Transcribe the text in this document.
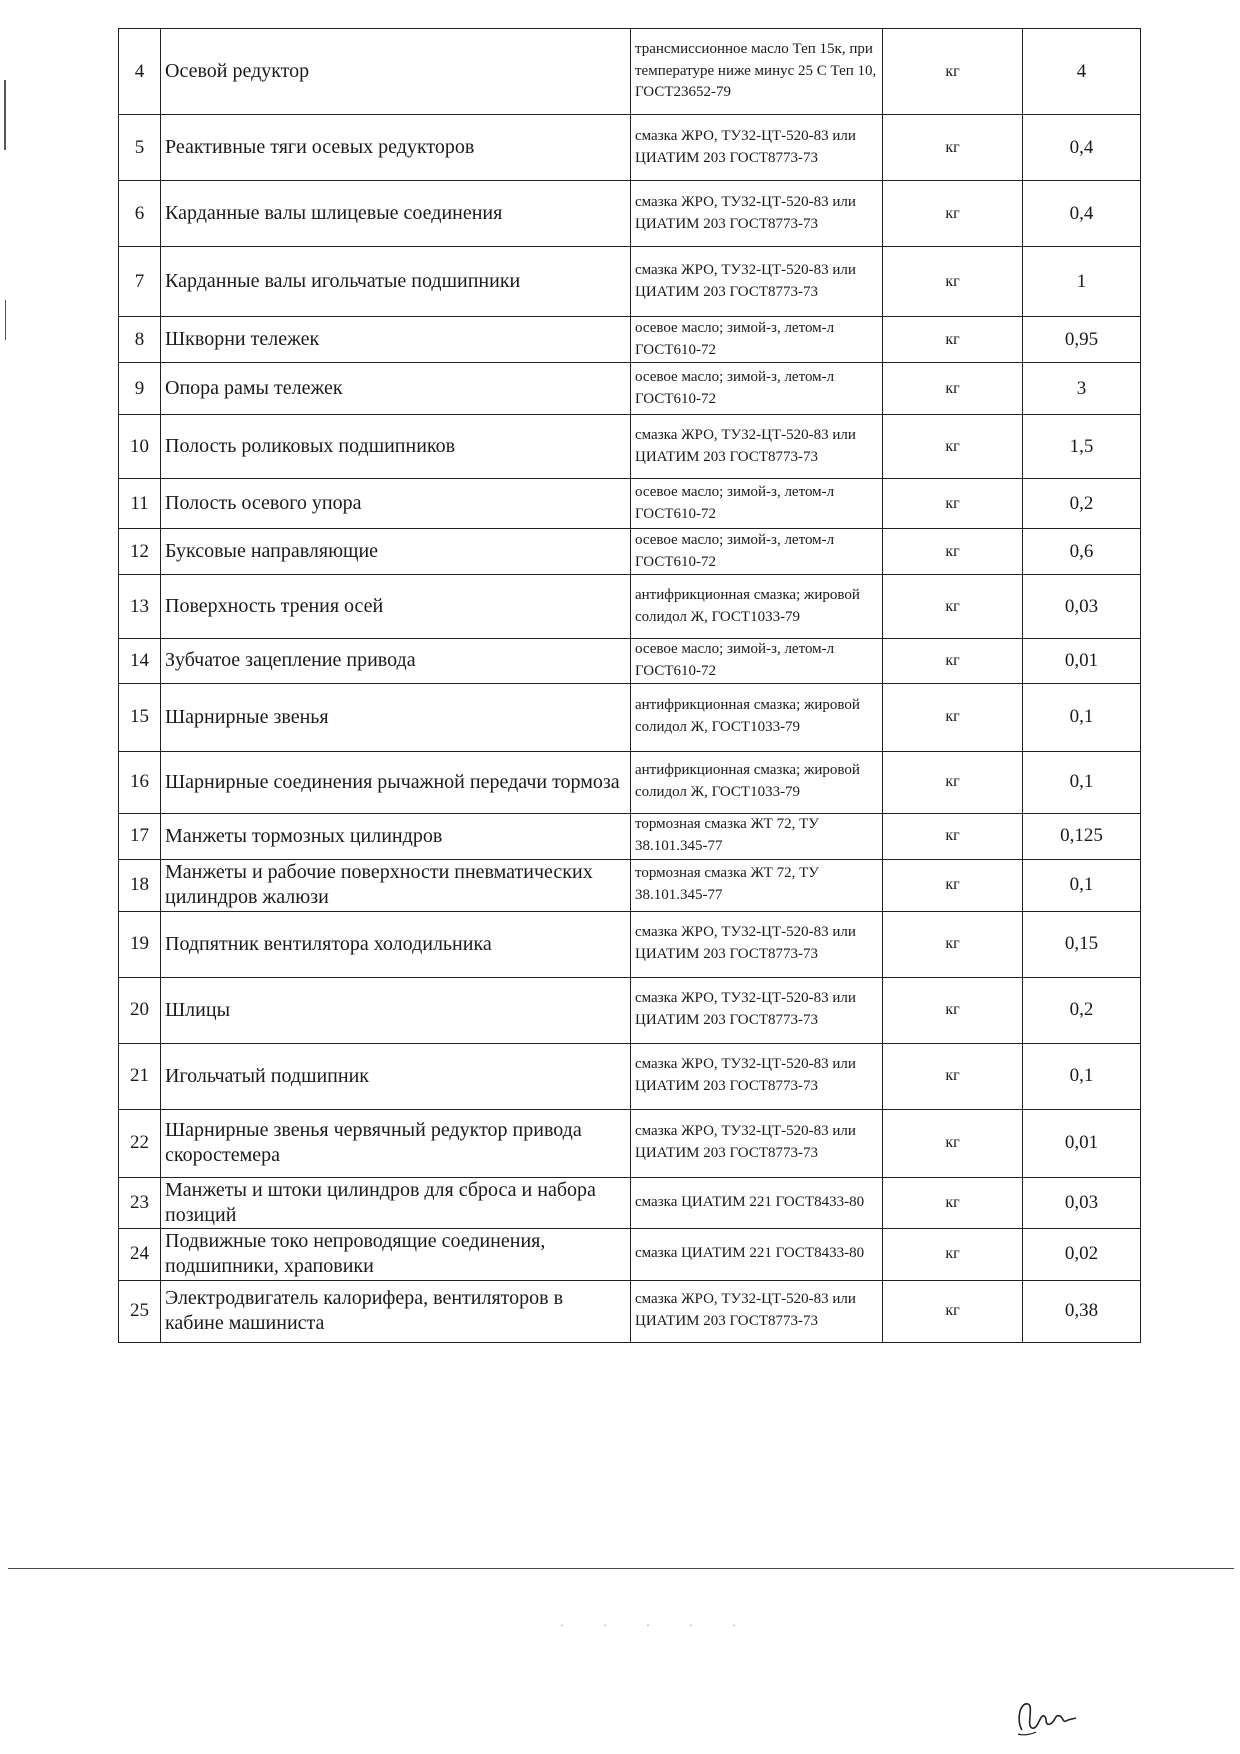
4	Осевой редуктор	трансмиссионное масло Теп 15к, при температуре ниже минус 25 С Теп 10, ГОСТ23652-79	кг	4
5	Реактивные тяги осевых редукторов	смазка ЖРО, ТУ32-ЦТ-520-83 или ЦИАТИМ 203 ГОСТ8773-73	кг	0,4
6	Карданные валы шлицевые соединения	смазка ЖРО, ТУ32-ЦТ-520-83 или ЦИАТИМ 203 ГОСТ8773-73	кг	0,4
7	Карданные валы игольчатые подшипники	смазка ЖРО, ТУ32-ЦТ-520-83 или ЦИАТИМ 203 ГОСТ8773-73	кг	1
8	Шкворни тележек	осевое масло; зимой-з, летом-л ГОСТ610-72	кг	0,95
9	Опора рамы тележек	осевое масло; зимой-з, летом-л ГОСТ610-72	кг	3
10	Полость роликовых подшипников	смазка ЖРО, ТУ32-ЦТ-520-83 или ЦИАТИМ 203 ГОСТ8773-73	кг	1,5
11	Полость осевого упора	осевое масло; зимой-з, летом-л ГОСТ610-72	кг	0,2
12	Буксовые направляющие	осевое масло; зимой-з, летом-л ГОСТ610-72	кг	0,6
13	Поверхность трения осей	антифрикционная смазка; жировой солидол Ж, ГОСТ1033-79	кг	0,03
14	Зубчатое зацепление привода	осевое масло; зимой-з, летом-л ГОСТ610-72	кг	0,01
15	Шарнирные звенья	антифрикционная смазка; жировой солидол Ж, ГОСТ1033-79	кг	0,1
16	Шарнирные соединения рычажной передачи тормоза	антифрикционная смазка; жировой солидол Ж, ГОСТ1033-79	кг	0,1
17	Манжеты тормозных цилиндров	тормозная смазка ЖТ 72, ТУ 38.101.345-77	кг	0,125
18	Манжеты и рабочие поверхности пневматических цилиндров жалюзи	тормозная смазка ЖТ 72, ТУ 38.101.345-77	кг	0,1
19	Подпятник вентилятора холодильника	смазка ЖРО, ТУ32-ЦТ-520-83 или ЦИАТИМ 203 ГОСТ8773-73	кг	0,15
20	Шлицы	смазка ЖРО, ТУ32-ЦТ-520-83 или ЦИАТИМ 203 ГОСТ8773-73	кг	0,2
21	Игольчатый подшипник	смазка ЖРО, ТУ32-ЦТ-520-83 или ЦИАТИМ 203 ГОСТ8773-73	кг	0,1
22	Шарнирные звенья червячный редуктор привода скоростемера	смазка ЖРО, ТУ32-ЦТ-520-83 или ЦИАТИМ 203 ГОСТ8773-73	кг	0,01
23	Манжеты и штоки цилиндров для сброса и набора позиций	смазка ЦИАТИМ 221 ГОСТ8433-80	кг	0,03
24	Подвижные токо непроводящие соединения, подшипники, храповики	смазка ЦИАТИМ 221 ГОСТ8433-80	кг	0,02
25	Электродвигатель калорифера, вентиляторов в кабине машиниста	смазка ЖРО, ТУ32-ЦТ-520-83 или ЦИАТИМ 203 ГОСТ8773-73	кг	0,38
· · · · ·
